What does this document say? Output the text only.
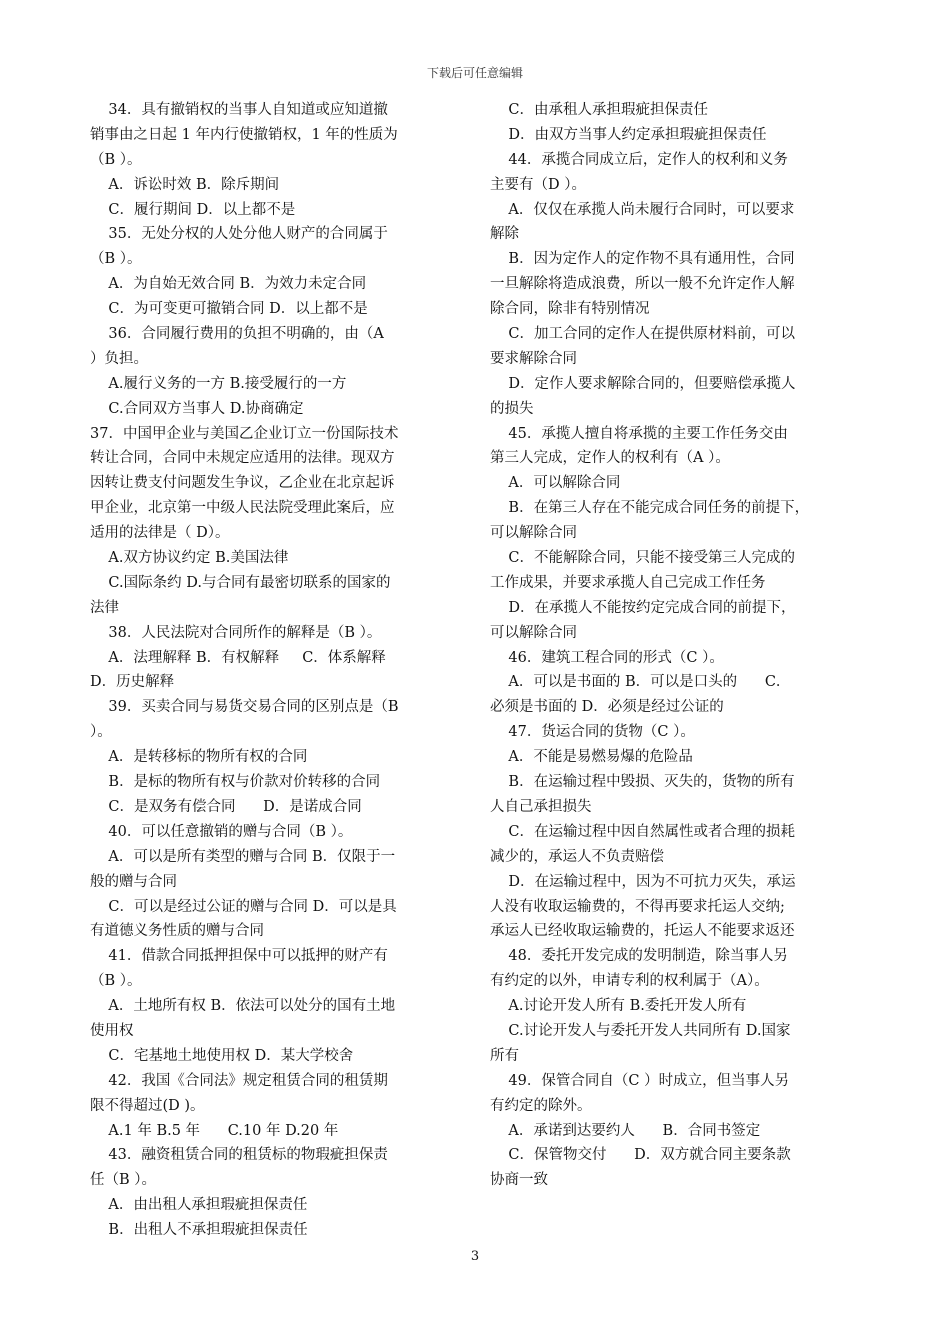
下载后可任意编辑
34．具有撤销权的当事人自知道或应知道撤
销事由之日起 1 年内行使撤销权，1 年的性质为
（B ）。
A．诉讼时效 B．除斥期间
C．履行期间 D．以上都不是
35．无处分权的人处分他人财产的合同属于
（B ）。
A．为自始无效合同 B．为效力未定合同
C．为可变更可撤销合同 D．以上都不是
36．合同履行费用的负担不明确的，由（A
）负担。
A.履行义务的一方 B.接受履行的一方
C.合同双方当事人 D.协商确定
37．中国甲企业与美国乙企业订立一份国际技术
转让合同，合同中未规定应适用的法律。现双方
因转让费支付问题发生争议，乙企业在北京起诉
甲企业，北京第一中级人民法院受理此案后，应
适用的法律是（ D）。
A.双方协议约定 B.美国法律
C.国际条约 D.与合同有最密切联系的国家的
法律
38．人民法院对合同所作的解释是（B ）。
A．法理解释 B．有权解释     C．体系解释
D．历史解释
39．买卖合同与易货交易合同的区别点是（B
）。
A．是转移标的物所有权的合同
B．是标的物所有权与价款对价转移的合同
C．是双务有偿合同      D．是诺成合同
40．可以任意撤销的赠与合同（B ）。
A．可以是所有类型的赠与合同 B．仅限于一
般的赠与合同
C．可以是经过公证的赠与合同 D．可以是具
有道德义务性质的赠与合同
41．借款合同抵押担保中可以抵押的财产有
（B ）。
A．土地所有权 B．依法可以处分的国有土地
使用权
C．宅基地土地使用权 D．某大学校舍
42．我国《合同法》规定租赁合同的租赁期
限不得超过(D )。
A.1 年 B.5 年      C.10 年 D.20 年
43．融资租赁合同的租赁标的物瑕疵担保责
任（B ）。
A．由出租人承担瑕疵担保责任
B．出租人不承担瑕疵担保责任
C．由承租人承担瑕疵担保责任
D．由双方当事人约定承担瑕疵担保责任
44．承揽合同成立后，定作人的权利和义务
主要有（D ）。
A．仅仅在承揽人尚未履行合同时，可以要求
解除
B．因为定作人的定作物不具有通用性，合同
一旦解除将造成浪费，所以一般不允许定作人解
除合同，除非有特别情况
C．加工合同的定作人在提供原材料前，可以
要求解除合同
D．定作人要求解除合同的，但要赔偿承揽人
的损失
45．承揽人擅自将承揽的主要工作任务交由
第三人完成，定作人的权利有（A ）。
A．可以解除合同
B．在第三人存在不能完成合同任务的前提下，
可以解除合同
C．不能解除合同，只能不接受第三人完成的
工作成果，并要求承揽人自己完成工作任务
D．在承揽人不能按约定完成合同的前提下，
可以解除合同
46．建筑工程合同的形式（C ）。
A．可以是书面的 B．可以是口头的      C．
必须是书面的 D．必须是经过公证的
47．货运合同的货物（C ）。
A．不能是易燃易爆的危险品
B．在运输过程中毁损、灭失的，货物的所有
人自己承担损失
C．在运输过程中因自然属性或者合理的损耗
减少的，承运人不负责赔偿
D．在运输过程中，因为不可抗力灭失，承运
人没有收取运输费的，不得再要求托运人交纳;
承运人已经收取运输费的，托运人不能要求返还
48．委托开发完成的发明制造，除当事人另
有约定的以外，申请专利的权利属于（A）。
A.讨论开发人所有 B.委托开发人所有
C.讨论开发人与委托开发人共同所有 D.国家
所有
49．保管合同自（C ）时成立，但当事人另
有约定的除外。
A．承诺到达要约人      B．合同书签定
C．保管物交付      D．双方就合同主要条款
协商一致
3
